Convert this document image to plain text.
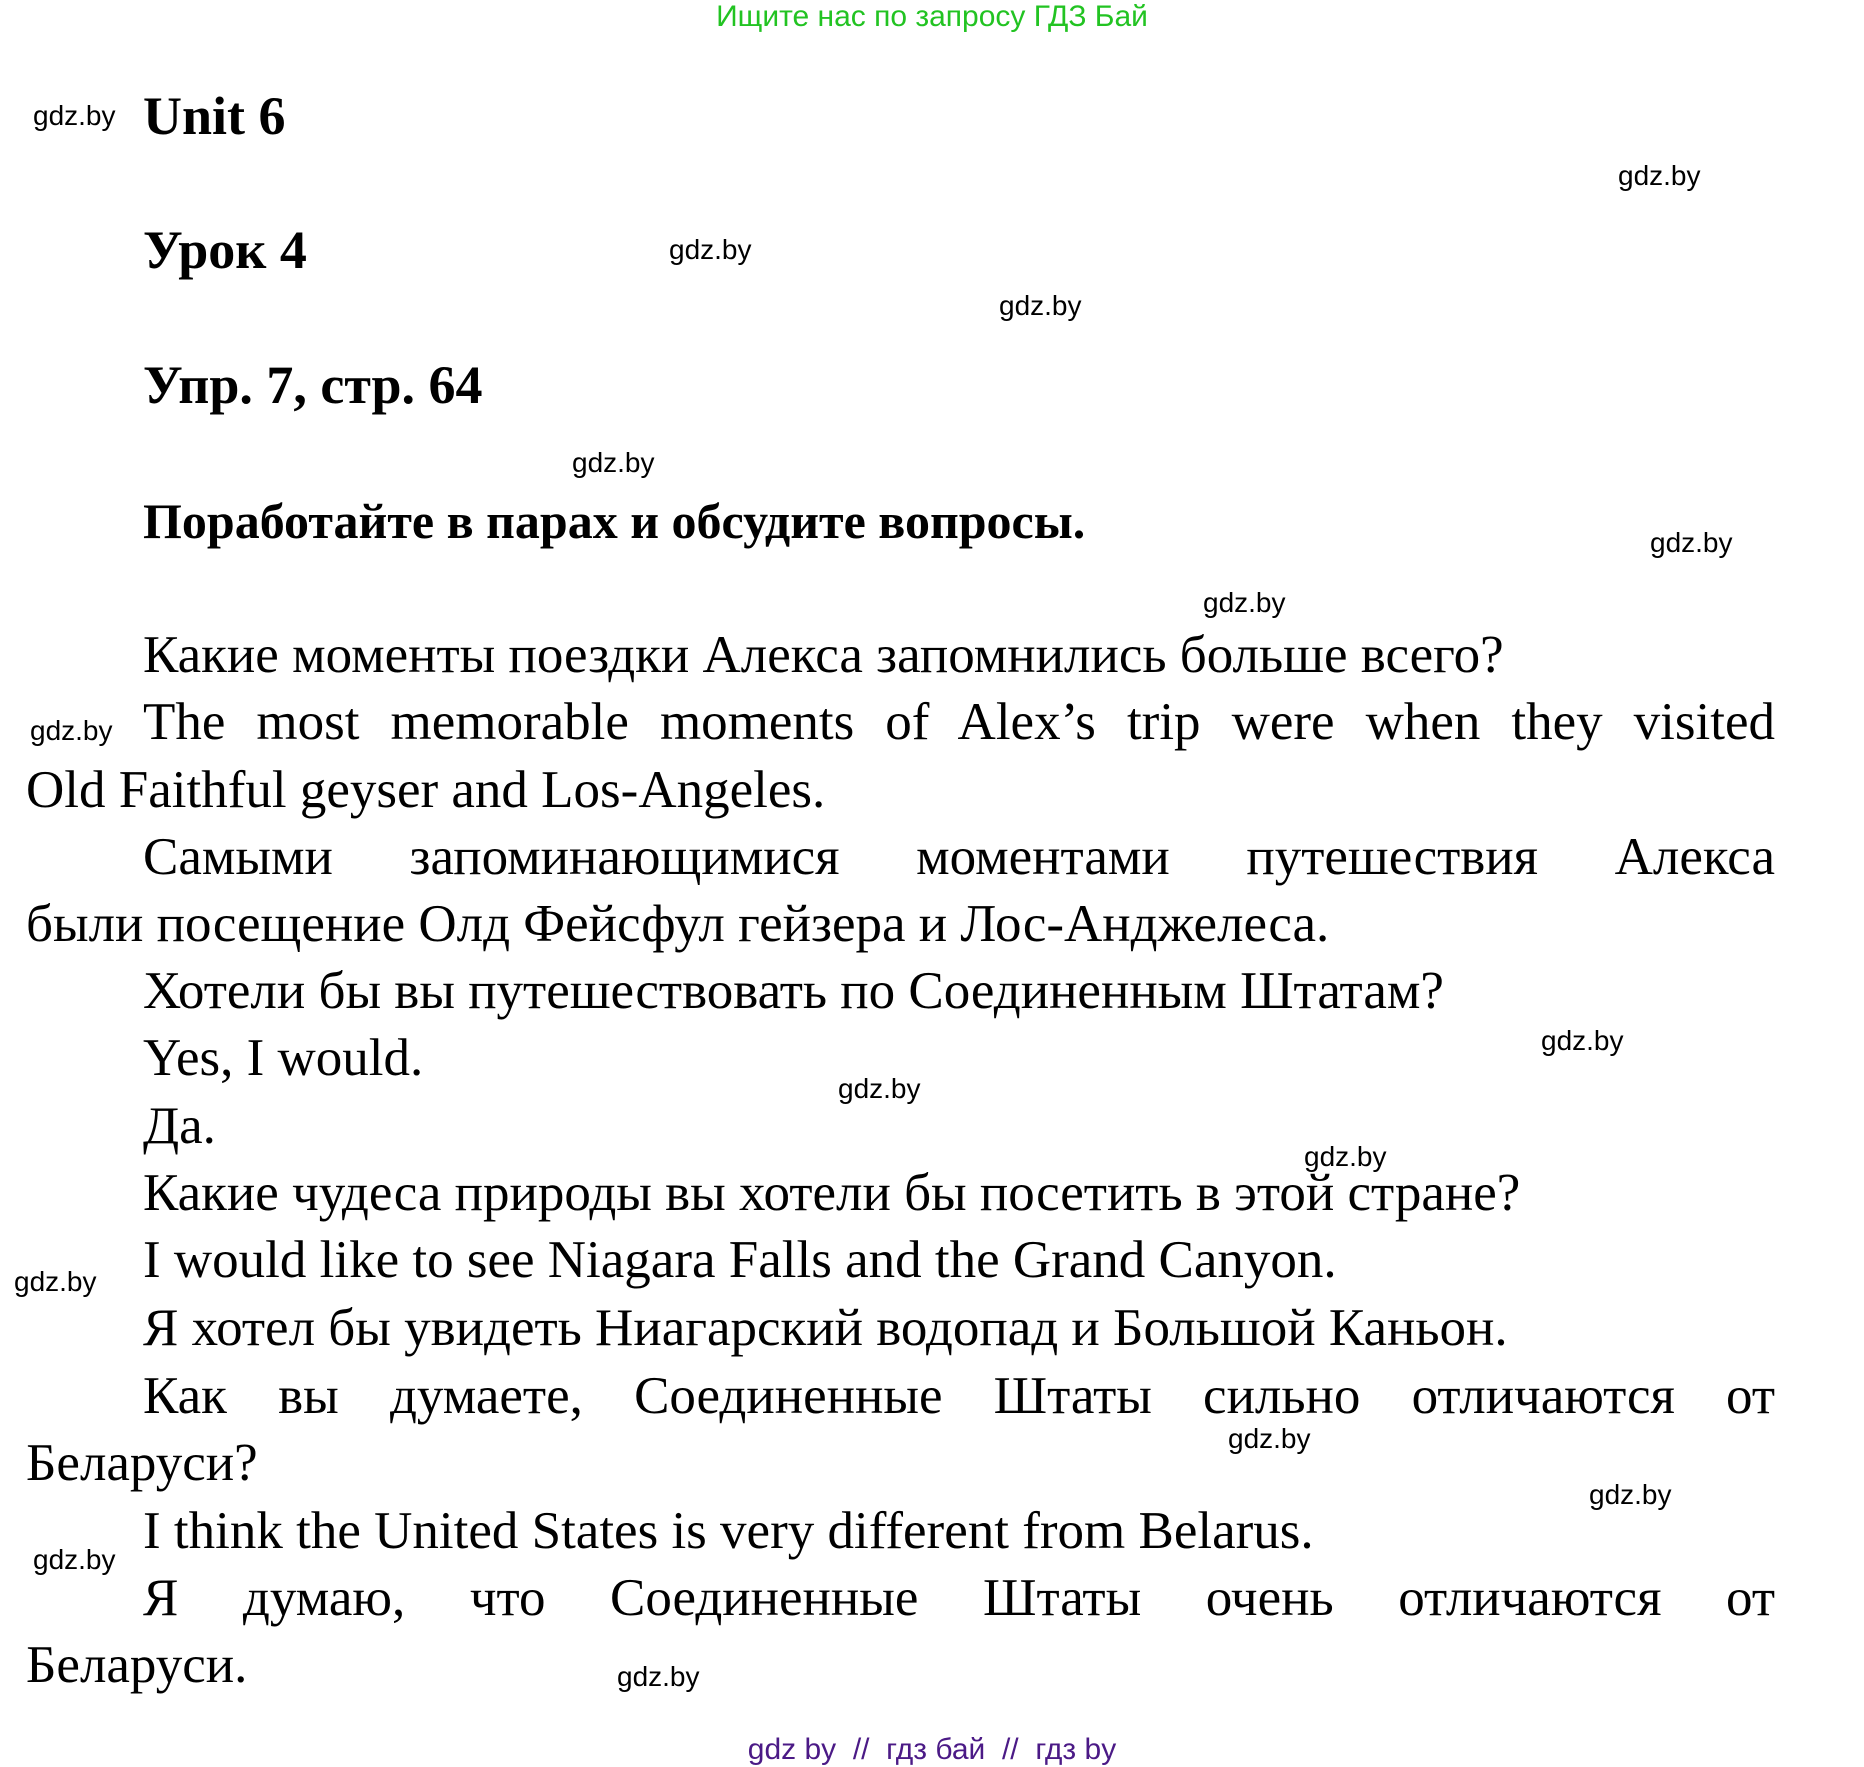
Ищите нас по запросу ГДЗ Бай
Unit 6
Урок 4
Упр. 7, стр. 64
Поработайте в парах и обсудите вопросы.
Какие моменты поездки Алекса запомнились больше всего?
The most memorable moments of Alex’s trip were when they visited
Old Faithful geyser and Los-Angeles.
Самыми запоминающимися моментами путешествия Алекса
были посещение Олд Фейсфул гейзера и Лос-Анджелеса.
Хотели бы вы путешествовать по Соединенным Штатам?
Yes, I would.
Да.
Какие чудеса природы вы хотели бы посетить в этой стране?
I would like to see Niagara Falls and the Grand Canyon.
Я хотел бы увидеть Ниагарский водопад и Большой Каньон.
Как вы думаете, Соединенные Штаты сильно отличаются от
Беларуси?
I think the United States is very different from Belarus.
Я думаю, что Соединенные Штаты очень отличаются от
Беларуси.
gdz.by
gdz.by
gdz.by
gdz.by
gdz.by
gdz.by
gdz.by
gdz.by
gdz.by
gdz.by
gdz.by
gdz.by
gdz.by
gdz.by
gdz.by
gdz.by
gdz by  //  гдз бай  //  гдз by
